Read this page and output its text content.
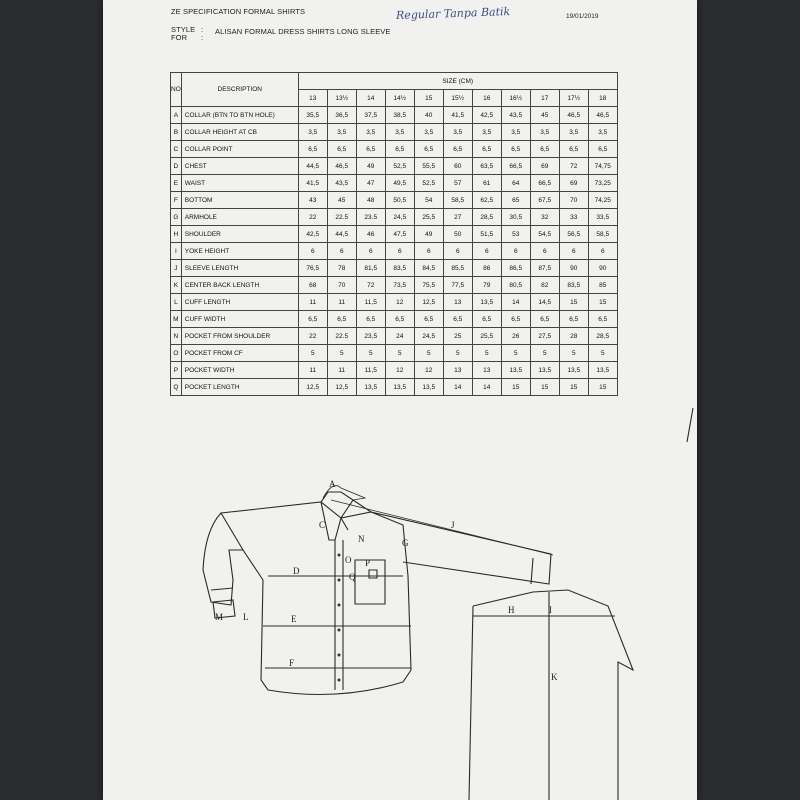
ZE SPECIFICATION FORMAL SHIRTS
STYLE :
FOR :
ALISAN FORMAL DRESS SHIRTS LONG SLEEVE
Regular Tanpa Batik	19/01/2019
NO	DESCRIPTION	SIZE (CM)										
		13	13½	14	14½	15	15½	16	16½	17	17½	18
A	COLLAR (BTN TO BTN HOLE)	35,5	36,5	37,5	38,5	40	41,5	42,5	43,5	45	46,5	46,5
B	COLLAR HEIGHT AT CB	3,5	3,5	3,5	3,5	3,5	3,5	3,5	3,5	3,5	3,5	3,5
C	COLLAR POINT	6,5	6,5	6,5	6,5	6,5	6,5	6,5	6,5	6,5	6,5	6,5
D	CHEST	44,5	46,5	49	52,5	55,5	60	63,5	66,5	69	72	74,75
E	WAIST	41,5	43,5	47	49,5	52,5	57	61	64	66,5	69	73,25
F	BOTTOM	43	45	48	50,5	54	58,5	62,5	65	67,5	70	74,25
G	ARMHOLE	22	22.5	23.5	24,5	25,5	27	28,5	30,5	32	33	33,5
H	SHOULDER	42,5	44,5	46	47,5	49	50	51,5	53	54,5	56,5	58,5
I	YOKE HEIGHT	6	6	6	6	6	6	6	6	6	6	6
J	SLEEVE LENGTH	76,5	78	81,5	83,5	84,5	85,5	86	86,5	87,5	90	90
K	CENTER BACK LENGTH	68	70	72	73,5	75,5	77,5	79	80,5	82	83,5	85
L	CUFF LENGTH	11	11	11,5	12	12,5	13	13,5	14	14,5	15	15
M	CUFF WIDTH	6,5	6,5	6,5	6,5	6,5	6,5	6,5	6,5	6,5	6,5	6,5
N	POCKET FROM SHOULDER	22	22.5	23,5	24	24,5	25	25,5	26	27,5	28	28,5
O	POCKET FROM CF	5	5	5	5	5	5	5	5	5	5	5
P	POCKET WIDTH	11	11	11,5	12	12	13	13	13,5	13,5	13,5	13,5
Q	POCKET LENGTH	12,5	12,5	13,5	13,5	13,5	14	14	15	15	15	15
A
C
N	G
J
D
O
Q
P
M L	E
F
H	I
K
